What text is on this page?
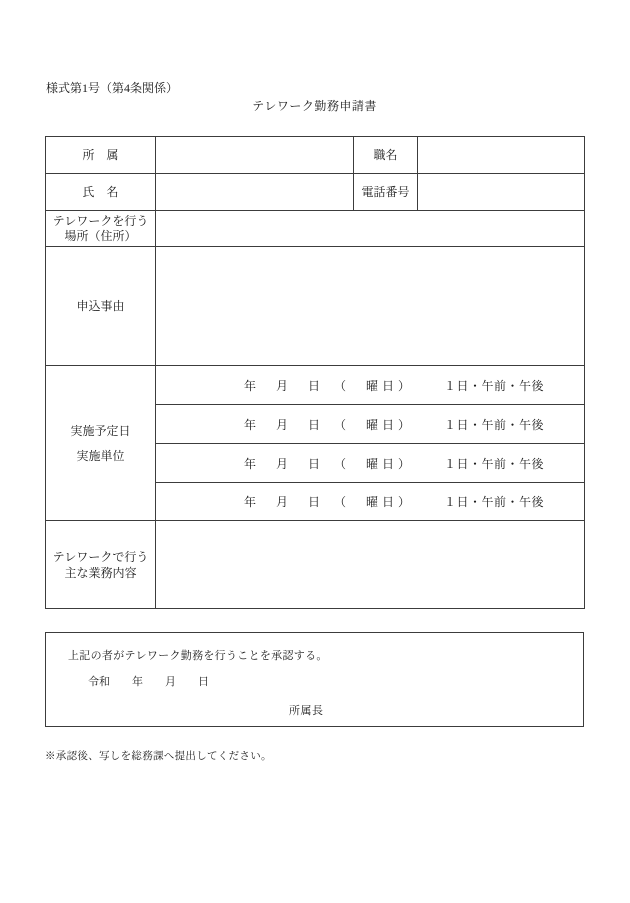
様式第1号（第4条関係）
テレワーク勤務申請書
所　属		職名	
氏　名		電話番号	

テレワークを行う
場所（住所）			

申込事由			

実施予定日
実施単位	年　月　日　（　曜日） １日・午前・午後		
	年　月　日　（　曜日） １日・午前・午後		
	年　月　日　（　曜日） １日・午前・午後		
	年　月　日　（　曜日） １日・午前・午後		

テレワークで行う
主な業務内容			

上記の者がテレワーク勤務を行うことを承認する。
令和　　年　　月　　日
所属長
※承認後、写しを総務課へ提出してください。
